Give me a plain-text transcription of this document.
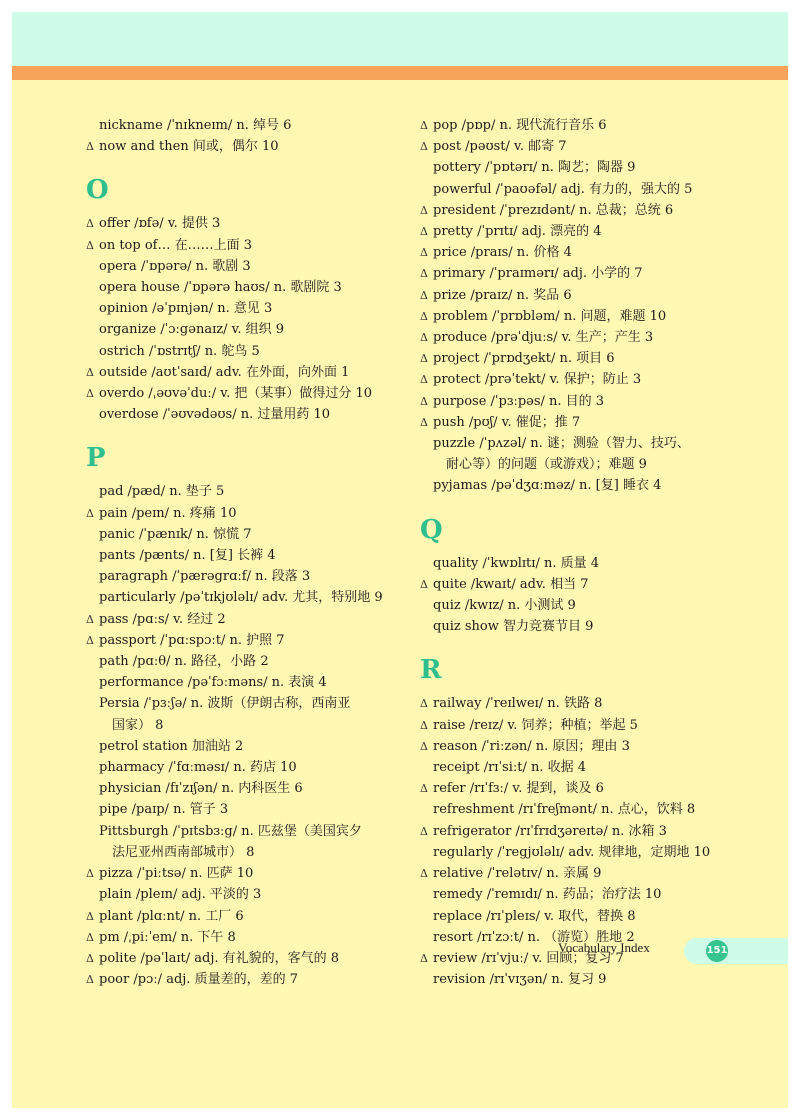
nickname /ˈnɪkneɪm/ n. 绰号 6
Δ now and then 间或，偶尔 10
O
Δ offer /ɒfə/ v. 提供 3
Δ on top of… 在……上面 3
opera /ˈɒpərə/ n. 歌剧 3
opera house /ˈɒpərə haʊs/ n. 歌剧院 3
opinion /əˈpɪnjən/ n. 意见 3
organize /ˈɔːgənaɪz/ v. 组织 9
ostrich /ˈɒstrɪtʃ/ n. 鸵鸟 5
Δ outside /aʊtˈsaɪd/ adv. 在外面，向外面 1
Δ overdo /ˌəʊvəˈduː/ v. 把（某事）做得过分 10
overdose /ˈəʊvədəʊs/ n. 过量用药 10
P
pad /pæd/ n. 垫子 5
Δ pain /peɪn/ n. 疼痛 10
panic /ˈpænɪk/ n. 惊慌 7
pants /pænts/ n. [复] 长裤 4
paragraph /ˈpærəgrɑːf/ n. 段落 3
particularly /pəˈtɪkjʊləlɪ/ adv. 尤其，特别地 9
Δ pass /pɑːs/ v. 经过 2
Δ passport /ˈpɑːspɔːt/ n. 护照 7
path /pɑːθ/ n. 路径，小路 2
performance /pəˈfɔːməns/ n. 表演 4
Persia /ˈpɜːʃə/ n. 波斯（伊朗古称，西南亚
国家） 8
petrol station 加油站 2
pharmacy /ˈfɑːməsɪ/ n. 药店 10
physician /fɪˈzɪʃən/ n. 内科医生 6
pipe /paɪp/ n. 管子 3
Pittsburgh /ˈpɪtsbɜːg/ n. 匹兹堡（美国宾夕
法尼亚州西南部城市） 8
Δ pizza /ˈpiːtsə/ n. 匹萨 10
plain /pleɪn/ adj. 平淡的 3
Δ plant /plɑːnt/ n. 工厂 6
Δ pm /ˌpiːˈem/ n. 下午 8
Δ polite /pəˈlaɪt/ adj. 有礼貌的，客气的 8
Δ poor /pɔː/ adj. 质量差的，差的 7
Δ pop /pɒp/ n. 现代流行音乐 6
Δ post /pəʊst/ v. 邮寄 7
pottery /ˈpɒtərɪ/ n. 陶艺；陶器 9
powerful /ˈpaʊəfəl/ adj. 有力的，强大的 5
Δ president /ˈprezɪdənt/ n. 总裁；总统 6
Δ pretty /ˈprɪtɪ/ adj. 漂亮的 4
Δ price /praɪs/ n. 价格 4
Δ primary /ˈpraɪmərɪ/ adj. 小学的 7
Δ prize /praɪz/ n. 奖品 6
Δ problem /ˈprɒbləm/ n. 问题，难题 10
Δ produce /prəˈdjuːs/ v. 生产；产生 3
Δ project /ˈprɒdʒekt/ n. 项目 6
Δ protect /prəˈtekt/ v. 保护；防止 3
Δ purpose /ˈpɜːpəs/ n. 目的 3
Δ push /pʊʃ/ v. 催促；推 7
puzzle /ˈpʌzəl/ n. 谜；测验（智力、技巧、
耐心等）的问题（或游戏）；难题 9
pyjamas /pəˈdʒɑːməz/ n. [复] 睡衣 4
Q
quality /ˈkwɒlɪtɪ/ n. 质量 4
Δ quite /kwaɪt/ adv. 相当 7
quiz /kwɪz/ n. 小测试 9
quiz show 智力竞赛节目 9
R
Δ railway /ˈreɪlweɪ/ n. 铁路 8
Δ raise /reɪz/ v. 饲养；种植；举起 5
Δ reason /ˈriːzən/ n. 原因；理由 3
receipt /rɪˈsiːt/ n. 收据 4
Δ refer /rɪˈfɜː/ v. 提到，谈及 6
refreshment /rɪˈfreʃmənt/ n. 点心，饮料 8
Δ refrigerator /rɪˈfrɪdʒəreɪtə/ n. 冰箱 3
regularly /ˈregjʊləlɪ/ adv. 规律地，定期地 10
Δ relative /ˈrelətɪv/ n. 亲属 9
remedy /ˈremɪdɪ/ n. 药品；治疗法 10
replace /rɪˈpleɪs/ v. 取代，替换 8
resort /rɪˈzɔːt/ n. （游览）胜地 2
Δ review /rɪˈvjuː/ v. 回顾；复习 7
revision /rɪˈvɪʒən/ n. 复习 9
Vocabulary Index	151
